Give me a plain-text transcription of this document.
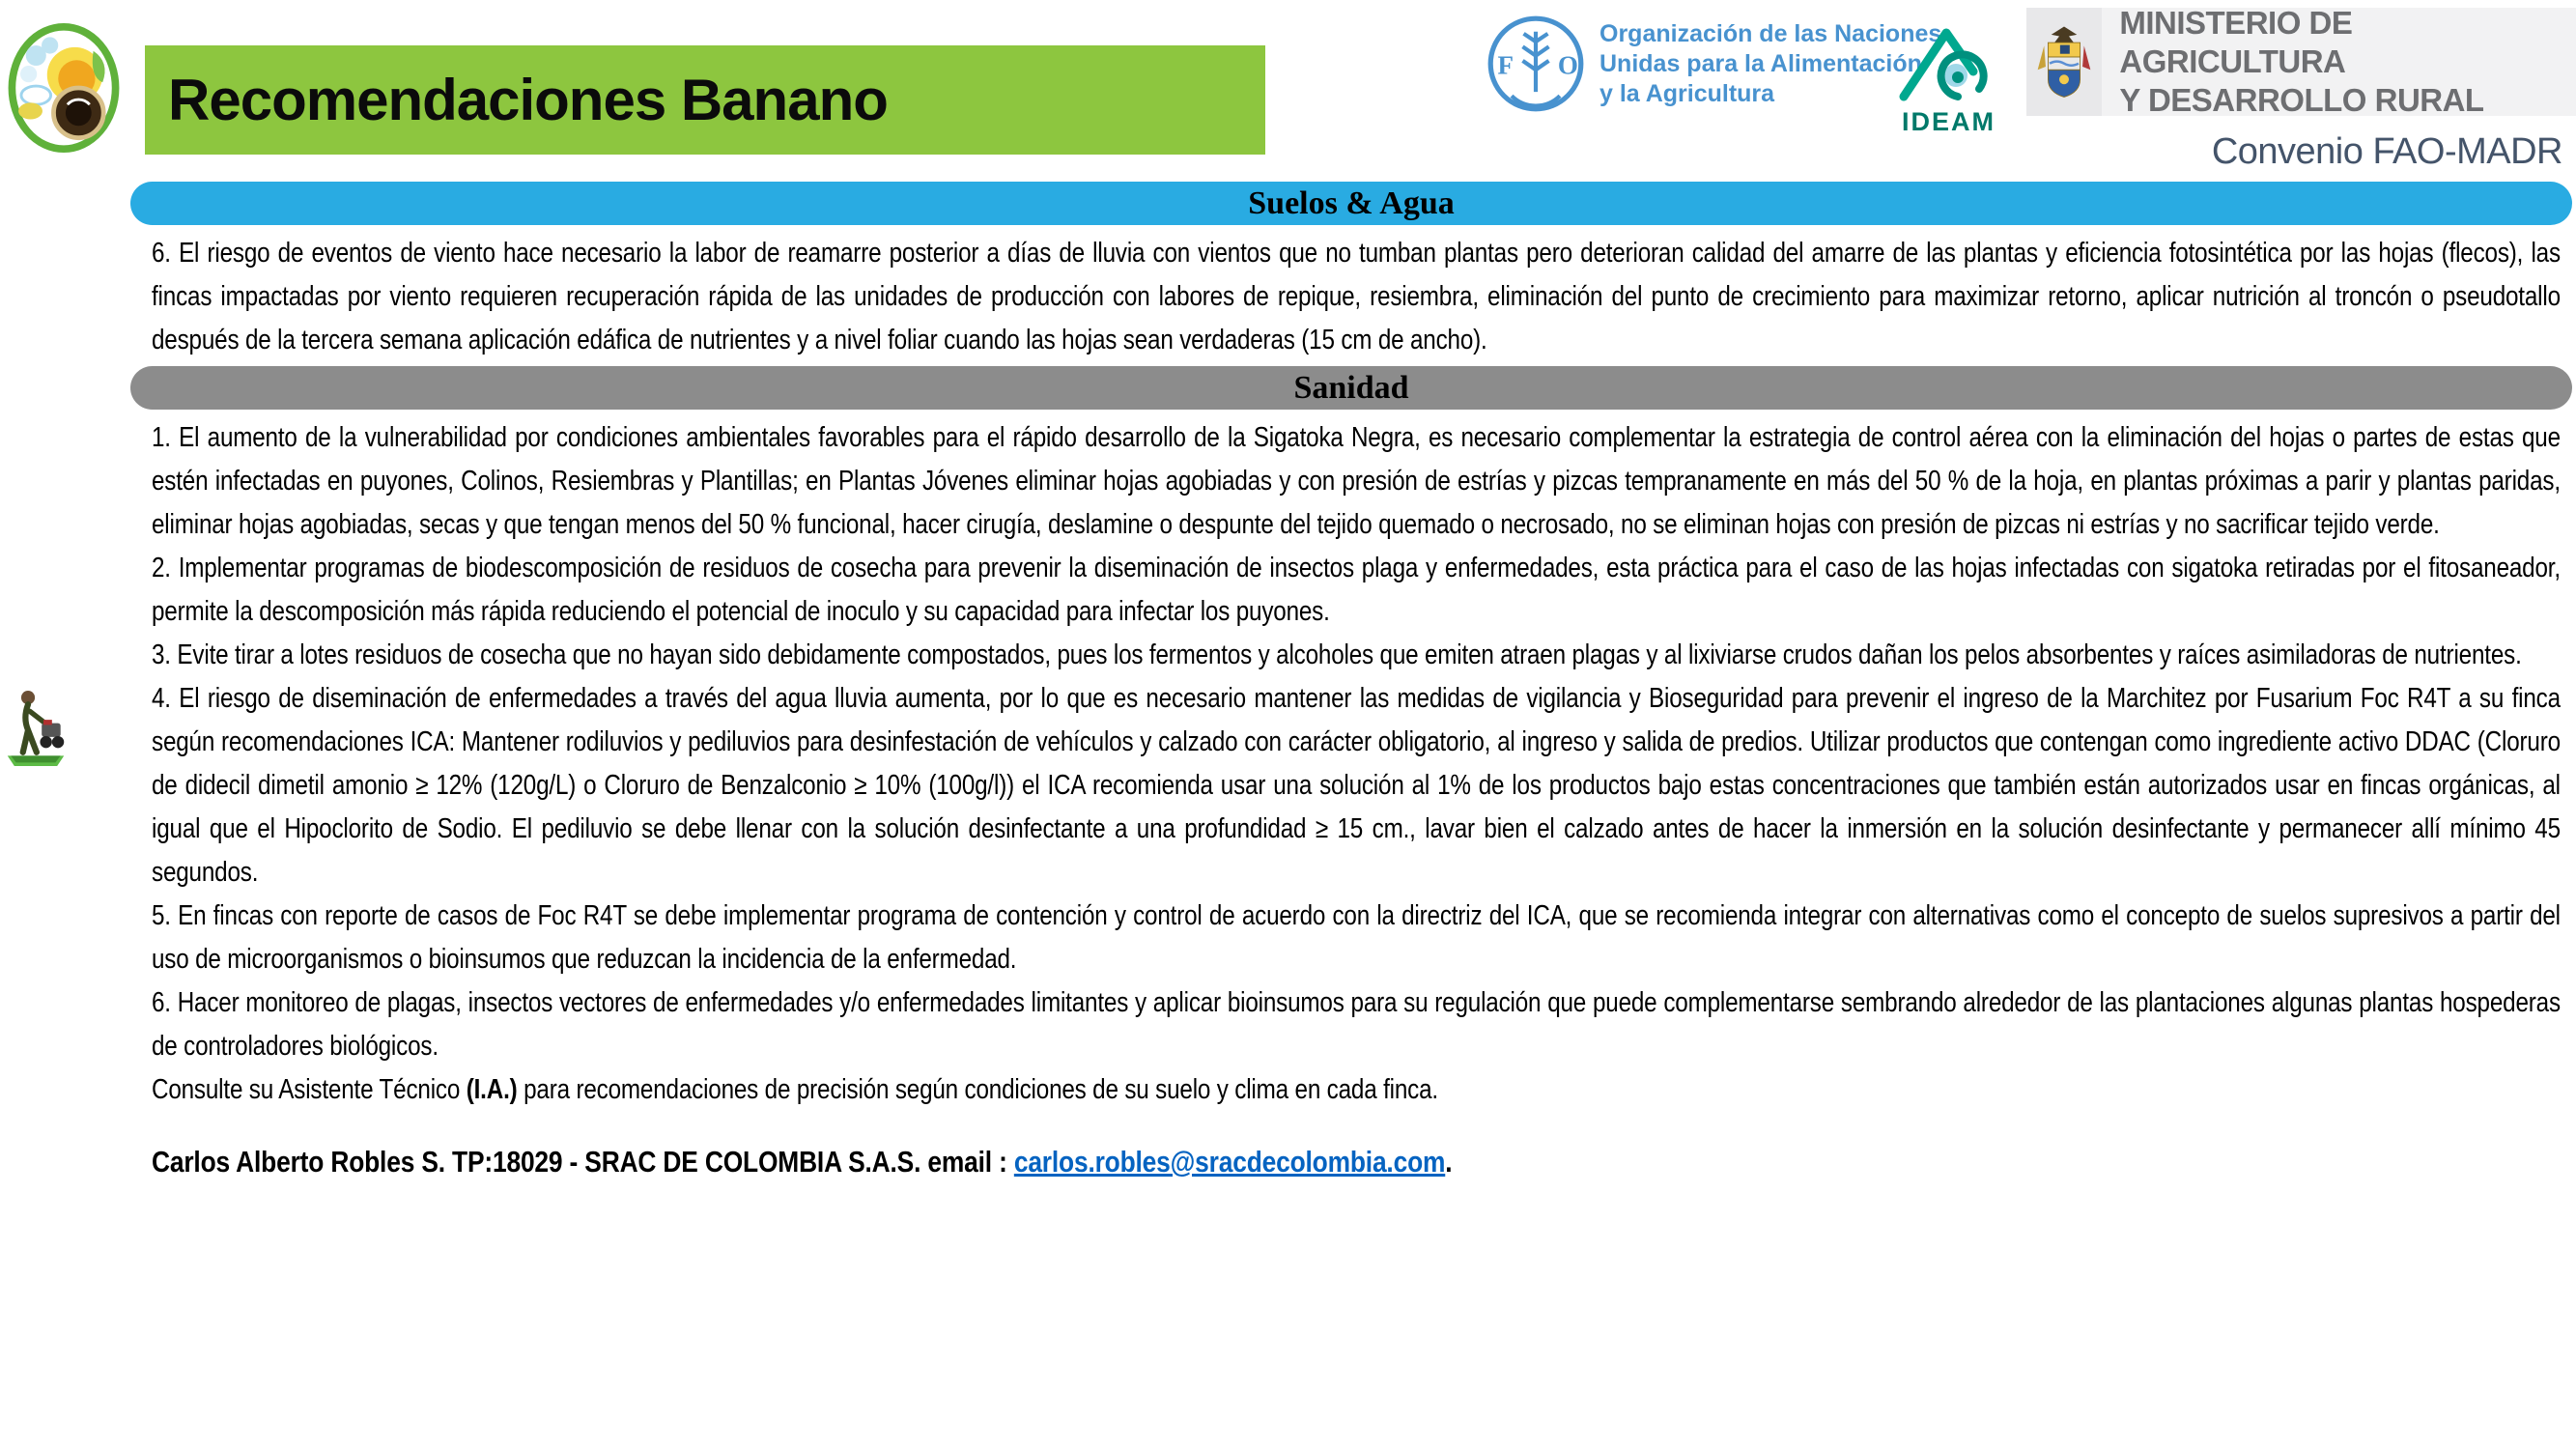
Recomendaciones Banano
F O
Organización de las Naciones
Unidas para la Alimentación
y la Agricultura
IDEAM
MINISTERIO DE AGRICULTURA
Y DESARROLLO RURAL
Convenio FAO-MADR
Suelos & Agua

6. El riesgo de eventos de viento hace necesario la labor de reamarre posterior a días de lluvia con vientos que no tumban plantas pero deterioran calidad del amarre de las plantas y eficiencia fotosintética por las hojas (flecos), las fincas impactadas por viento requieren recuperación rápida de las unidades de producción con labores de repique, resiembra, eliminación del punto de crecimiento para maximizar retorno, aplicar nutrición al troncón o pseudotallo después de la tercera semana aplicación edáfica de nutrientes y a nivel foliar cuando las hojas sean verdaderas (15 cm de ancho).

Sanidad

1. El aumento de la vulnerabilidad por condiciones ambientales favorables para el rápido desarrollo de la Sigatoka Negra, es necesario complementar la estrategia de control aérea con la eliminación del hojas o partes de estas que estén infectadas en puyones, Colinos, Resiembras y Plantillas; en Plantas Jóvenes eliminar hojas agobiadas y con presión de estrías y pizcas tempranamente en más del 50 % de la hoja, en plantas próximas a parir y plantas paridas, eliminar hojas agobiadas, secas y que tengan menos del 50 % funcional, hacer cirugía, deslamine o despunte del tejido quemado o necrosado, no se eliminan hojas con presión de pizcas ni estrías y no sacrificar tejido verde.

2. Implementar programas de biodescomposición de residuos de cosecha para prevenir la diseminación de insectos plaga y enfermedades, esta práctica para el caso de las hojas infectadas con sigatoka retiradas por el fitosaneador, permite la descomposición más rápida reduciendo el potencial de inoculo y su capacidad para infectar los puyones.

3. Evite tirar a lotes residuos de cosecha que no hayan sido debidamente compostados, pues los fermentos y alcoholes que emiten atraen plagas y al lixiviarse crudos dañan los pelos absorbentes y raíces asimiladoras de nutrientes.

4. El riesgo de diseminación de enfermedades a través del agua lluvia aumenta, por lo que es necesario mantener las medidas de vigilancia y Bioseguridad para prevenir el ingreso de la Marchitez por Fusarium Foc R4T a su finca según recomendaciones ICA: Mantener rodiluvios y pediluvios para desinfestación de vehículos y calzado con carácter obligatorio, al ingreso y salida de predios. Utilizar productos que contengan como ingrediente activo DDAC (Cloruro de didecil dimetil amonio ≥ 12% (120g/L) o Cloruro de Benzalconio ≥ 10% (100g/l)) el ICA recomienda usar una solución al 1% de los productos bajo estas concentraciones que también están autorizados usar en fincas orgánicas, al igual que el Hipoclorito de Sodio. El pediluvio se debe llenar con la solución desinfectante a una profundidad ≥ 15 cm., lavar bien el calzado antes de hacer la inmersión en la solución desinfectante y permanecer allí mínimo 45 segundos.

5. En fincas con reporte de casos de Foc R4T se debe implementar programa de contención y control de acuerdo con la directriz del ICA, que se recomienda integrar con alternativas como el concepto de suelos supresivos a partir del uso de microorganismos o bioinsumos que reduzcan la incidencia de la enfermedad.

6. Hacer monitoreo de plagas, insectos vectores de enfermedades y/o enfermedades limitantes y aplicar bioinsumos para su regulación que puede complementarse sembrando alrededor de las plantaciones algunas plantas hospederas de controladores biológicos.

Consulte su Asistente Técnico (I.A.) para recomendaciones de precisión según condiciones de su suelo y clima en cada finca.

Carlos Alberto Robles S. TP:18029 - SRAC DE COLOMBIA S.A.S. email : carlos.robles@sracdecolombia.com.
